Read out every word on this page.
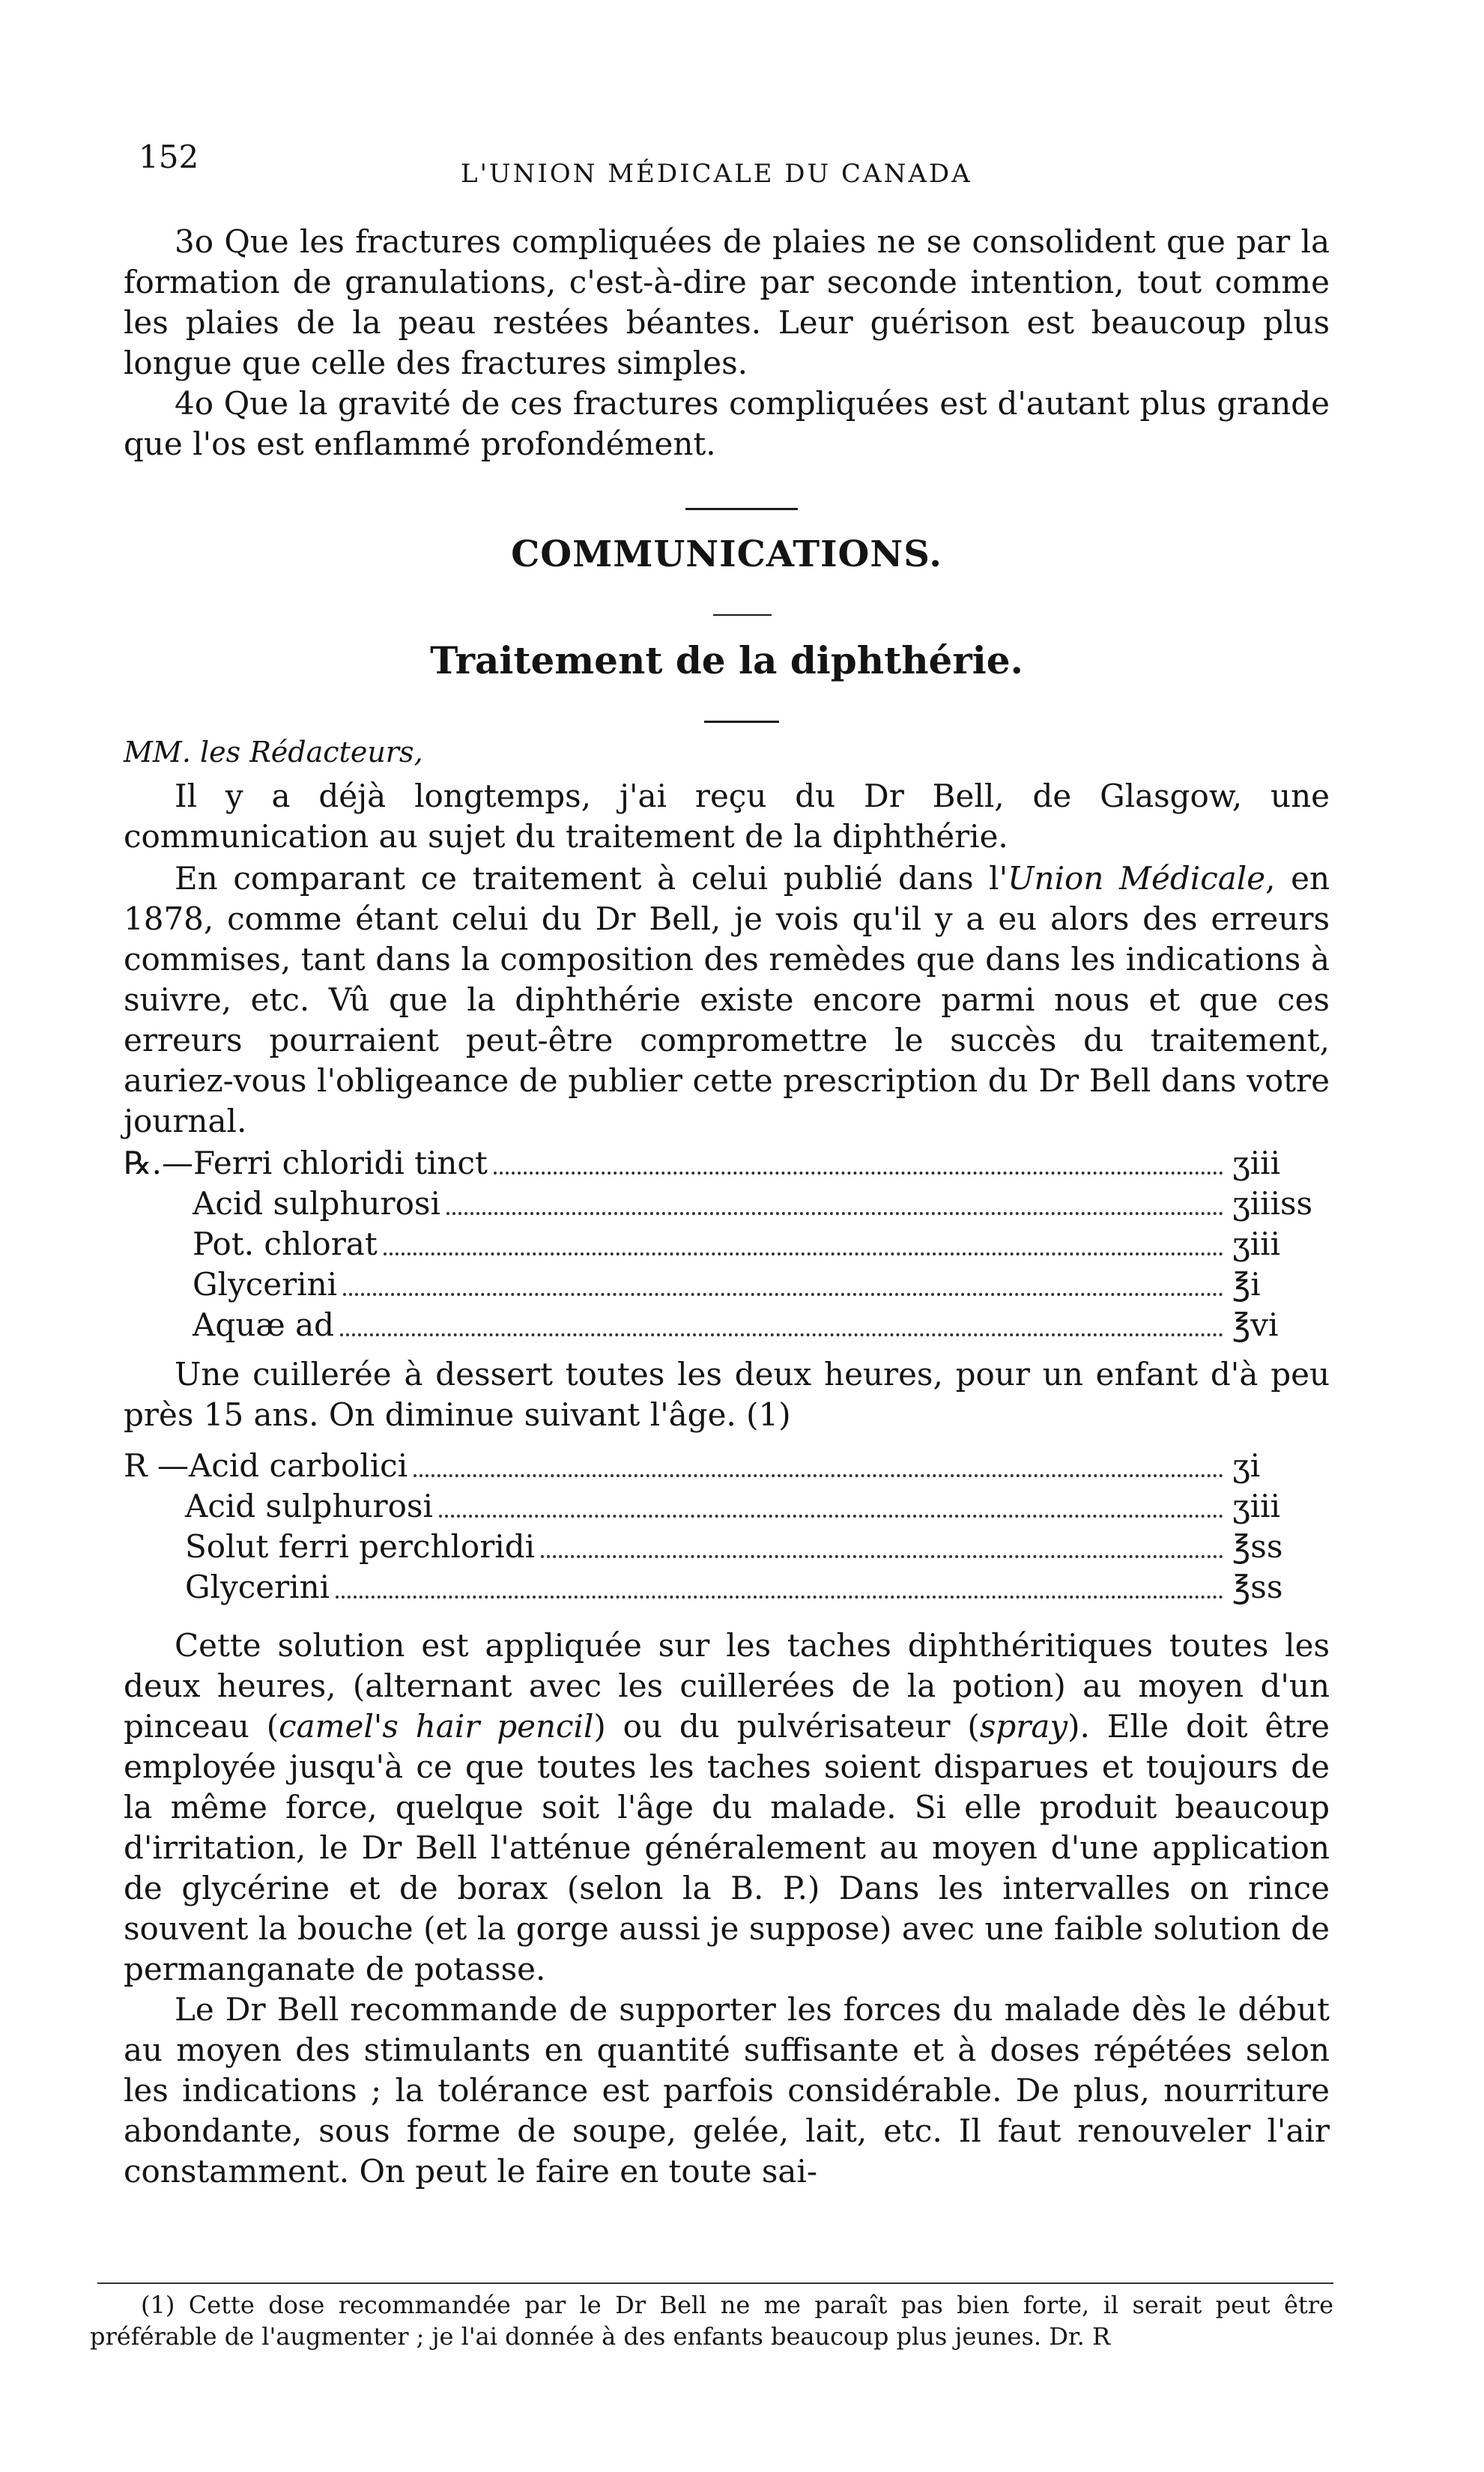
152	L'UNION MÉDICALE DU CANADA

3o Que les fractures compliquées de plaies ne se consolident que par la formation de granulations, c'est-à-dire par seconde intention, tout comme les plaies de la peau restées béantes. Leur guérison est beaucoup plus longue que celle des fractures simples.

4o Que la gravité de ces fractures compliquées est d'autant plus grande que l'os est enflammé profondément.

COMMUNICATIONS.
Traitement de la diphthérie.
MM. les Rédacteurs,

Il y a déjà longtemps, j'ai reçu du Dr Bell, de Glasgow, une communication au sujet du traitement de la diphthérie.

En comparant ce traitement à celui publié dans l'Union Médicale, en 1878, comme étant celui du Dr Bell, je vois qu'il y a eu alors des erreurs commises, tant dans la composition des remèdes que dans les indications à suivre, etc. Vû que la diphthérie existe encore parmi nous et que ces erreurs pourraient peut-être compromettre le succès du traitement, auriez-vous l'obligeance de publier cette prescription du Dr Bell dans votre journal.

℞.—Ferri chloridi tinct	ʒiii
Acid sulphurosi	ʒiiiss
Pot. chlorat	ʒiii
Glycerini	℥i
Aquæ ad	℥vi

Une cuillerée à dessert toutes les deux heures, pour un enfant d'à peu près 15 ans. On diminue suivant l'âge. (1)

R —Acid carbolici	ʒi
Acid sulphurosi	ʒiii
Solut ferri perchloridi	℥ss
Glycerini	℥ss

Cette solution est appliquée sur les taches diphthéritiques toutes les deux heures, (alternant avec les cuillerées de la potion) au moyen d'un pinceau (camel's hair pencil) ou du pulvérisateur (spray). Elle doit être employée jusqu'à ce que toutes les taches soient disparues et toujours de la même force, quelque soit l'âge du malade. Si elle produit beaucoup d'irritation, le Dr Bell l'atténue généralement au moyen d'une application de glycérine et de borax (selon la B. P.) Dans les intervalles on rince souvent la bouche (et la gorge aussi je suppose) avec une faible solution de permanganate de potasse.

Le Dr Bell recommande de supporter les forces du malade dès le début au moyen des stimulants en quantité suffisante et à doses répétées selon les indications ; la tolérance est parfois considérable. De plus, nourriture abondante, sous forme de soupe, gelée, lait, etc. Il faut renouveler l'air constamment. On peut le faire en toute sai-

(1) Cette dose recommandée par le Dr Bell ne me paraît pas bien forte, il serait peut être préférable de l'augmenter ; je l'ai donnée à des enfants beaucoup plus jeunes. Dr. R
